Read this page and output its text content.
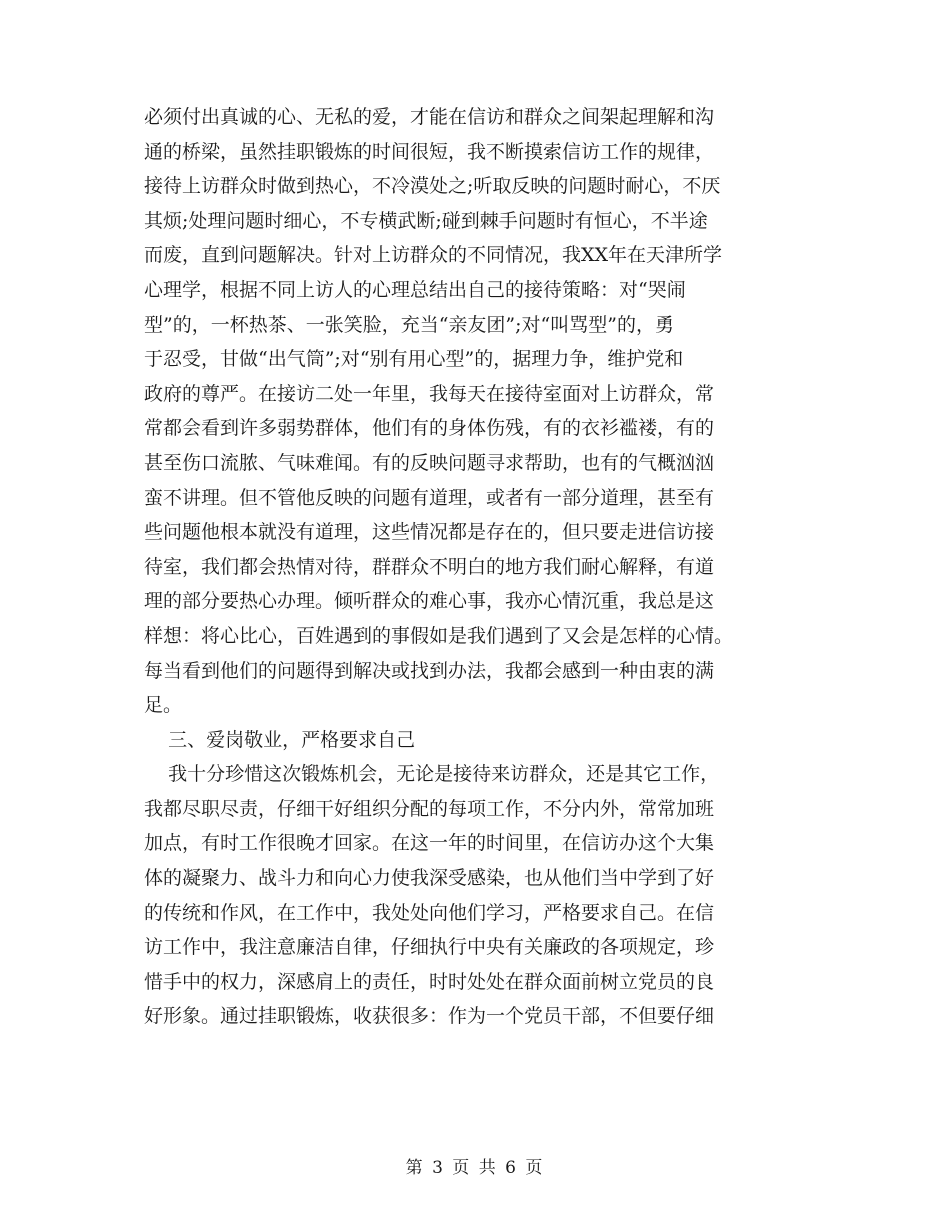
必须付出真诚的心、无私的爱，才能在信访和群众之间架起理解和沟
通的桥梁，虽然挂职锻炼的时间很短，我不断摸索信访工作的规律，
接待上访群众时做到热心，不冷漠处之;听取反映的问题时耐心，不厌
其烦;处理问题时细心，不专横武断;碰到棘手问题时有恒心，不半途
而废，直到问题解决。针对上访群众的不同情况，我XX年在天津所学
心理学，根据不同上访人的心理总结出自己的接待策略：对“哭闹
型”的，一杯热茶、一张笑脸，充当“亲友团”;对“叫骂型”的，勇
于忍受，甘做“出气筒”;对“别有用心型”的，据理力争，维护党和
政府的尊严。在接访二处一年里，我每天在接待室面对上访群众，常
常都会看到许多弱势群体，他们有的身体伤残，有的衣衫褴褛，有的
甚至伤口流脓、气味难闻。有的反映问题寻求帮助，也有的气概汹汹
蛮不讲理。但不管他反映的问题有道理，或者有一部分道理，甚至有
些问题他根本就没有道理，这些情况都是存在的，但只要走进信访接
待室，我们都会热情对待，群群众不明白的地方我们耐心解释，有道
理的部分要热心办理。倾听群众的难心事，我亦心情沉重，我总是这
样想：将心比心，百姓遇到的事假如是我们遇到了又会是怎样的心情。
每当看到他们的问题得到解决或找到办法，我都会感到一种由衷的满
足。
三、爱岗敬业，严格要求自己
我十分珍惜这次锻炼机会，无论是接待来访群众，还是其它工作，
我都尽职尽责，仔细干好组织分配的每项工作，不分内外，常常加班
加点，有时工作很晚才回家。在这一年的时间里，在信访办这个大集
体的凝聚力、战斗力和向心力使我深受感染，也从他们当中学到了好
的传统和作风，在工作中，我处处向他们学习，严格要求自己。在信
访工作中，我注意廉洁自律，仔细执行中央有关廉政的各项规定，珍
惜手中的权力，深感肩上的责任，时时处处在群众面前树立党员的良
好形象。通过挂职锻炼，收获很多：作为一个党员干部，不但要仔细
第 3 页 共 6 页
